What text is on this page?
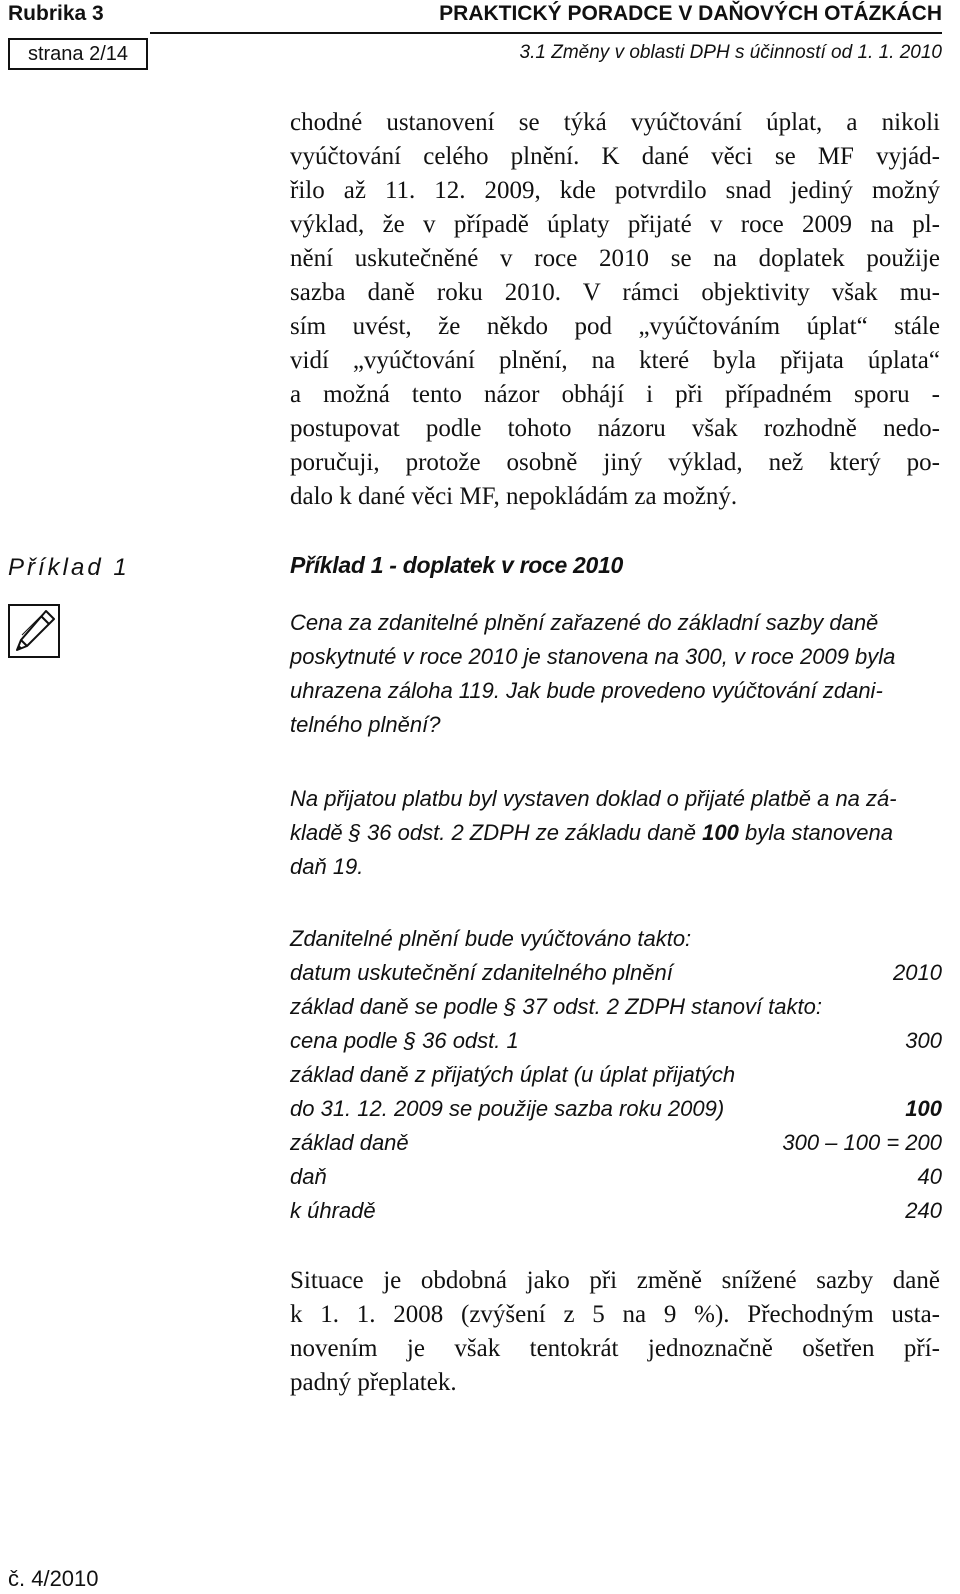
Rubrika 3	PRAKTICKÝ PORADCE V DAŇOVÝCH OTÁZKÁCH
strana 2/14	3.1 Změny v oblasti DPH s účinností od 1. 1. 2010
chodné ustanovení se týká vyúčtování úplat, a nikoli
vyúčtování celého plnění. K dané věci se MF vyjád-
řilo až 11. 12. 2009, kde potvrdilo snad jediný možný
výklad, že v případě úplaty přijaté v roce 2009 na pl-
nění uskutečněné v roce 2010 se na doplatek použije
sazba daně roku 2010. V rámci objektivity však mu-
sím uvést, že někdo pod „vyúčtováním úplat“ stále
vidí „vyúčtování plnění, na které byla přijata úplata“
a možná tento názor obhájí i při případném sporu -
postupovat podle tohoto názoru však rozhodně nedo-
poručuji, protože osobně jiný výklad, než který po-
dalo k dané věci MF, nepokládám za možný.
Příklad 1	Příklad 1 - doplatek v roce 2010
Cena za zdanitelné plnění zařazené do základní sazby daně
poskytnuté v roce 2010 je stanovena na 300, v roce 2009 byla
uhrazena záloha 119. Jak bude provedeno vyúčtování zdani-
telného plnění?
Na přijatou platbu byl vystaven doklad o přijaté platbě a na zá-
kladě § 36 odst. 2 ZDPH ze základu daně 100 byla stanovena
daň 19.
Zdanitelné plnění bude vyúčtováno takto:
datum uskutečnění zdanitelného plnění	2010
základ daně se podle § 37 odst. 2 ZDPH stanoví takto:
cena podle § 36 odst. 1	300
základ daně z přijatých úplat (u úplat přijatých
do 31. 12. 2009 se použije sazba roku 2009)	100
základ daně	300 – 100 = 200
daň	40
k úhradě	240
Situace je obdobná jako při změně snížené sazby daně
k 1. 1. 2008 (zvýšení z 5 na 9 %). Přechodným usta-
novením je však tentokrát jednoznačně ošetřen pří-
padný přeplatek.
č. 4/2010
